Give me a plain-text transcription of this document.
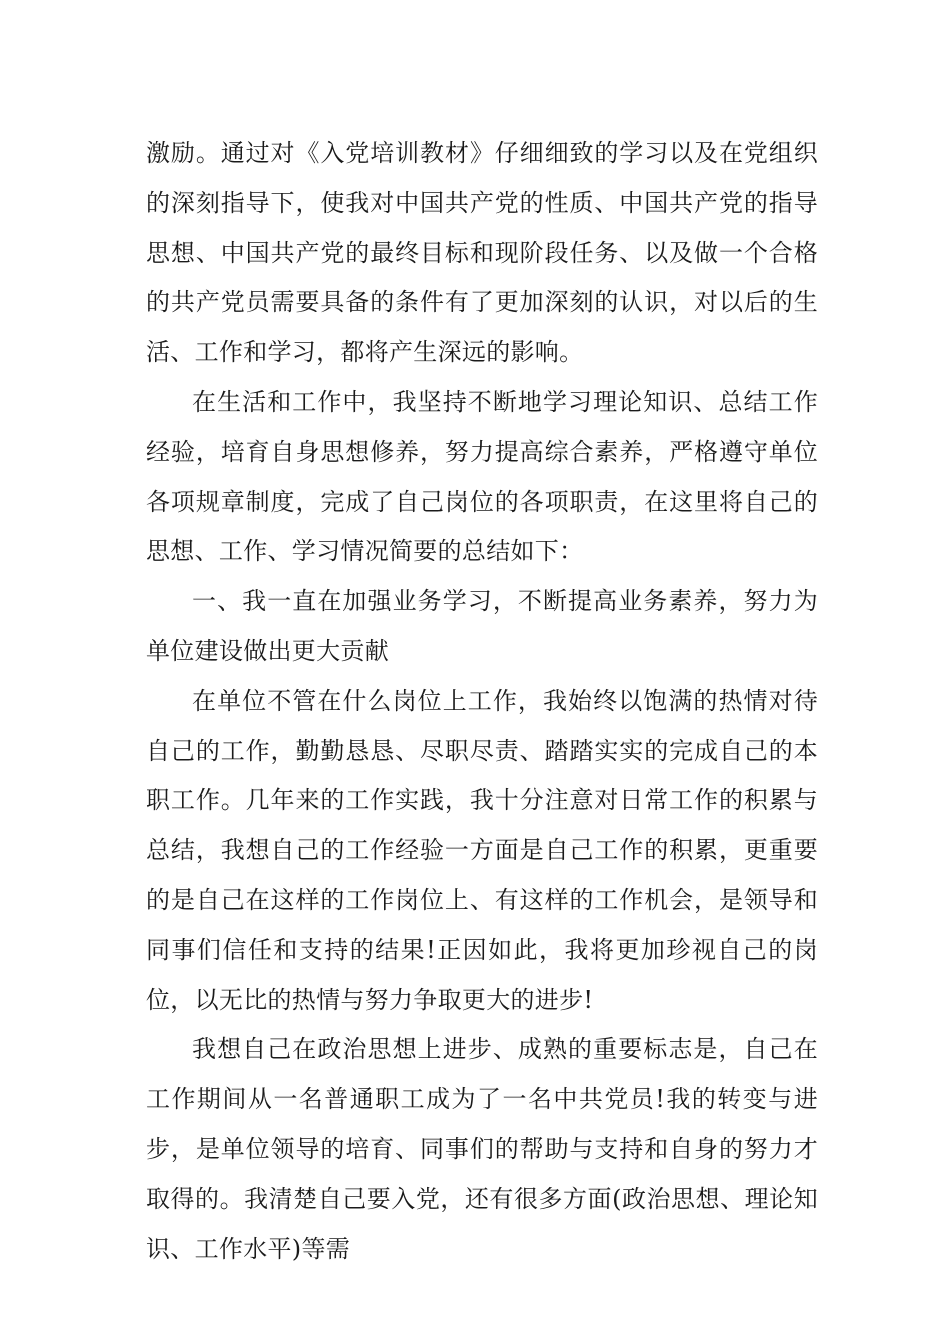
激励。通过对《入党培训教材》仔细细致的学习以及在党组织的深刻指导下，使我对中国共产党的性质、中国共产党的指导思想、中国共产党的最终目标和现阶段任务、以及做一个合格的共产党员需要具备的条件有了更加深刻的认识，对以后的生活、工作和学习，都将产生深远的影响。

在生活和工作中，我坚持不断地学习理论知识、总结工作经验，培育自身思想修养，努力提高综合素养，严格遵守单位各项规章制度，完成了自己岗位的各项职责，在这里将自己的思想、工作、学习情况简要的总结如下：

一、我一直在加强业务学习，不断提高业务素养，努力为单位建设做出更大贡献

在单位不管在什么岗位上工作，我始终以饱满的热情对待自己的工作，勤勤恳恳、尽职尽责、踏踏实实的完成自己的本职工作。几年来的工作实践，我十分注意对日常工作的积累与总结，我想自己的工作经验一方面是自己工作的积累，更重要的是自己在这样的工作岗位上、有这样的工作机会，是领导和同事们信任和支持的结果!正因如此，我将更加珍视自己的岗位，以无比的热情与努力争取更大的进步!

我想自己在政治思想上进步、成熟的重要标志是，自己在工作期间从一名普通职工成为了一名中共党员!我的转变与进步，是单位领导的培育、同事们的帮助与支持和自身的努力才取得的。我清楚自己要入党，还有很多方面(政治思想、理论知识、工作水平)等需
